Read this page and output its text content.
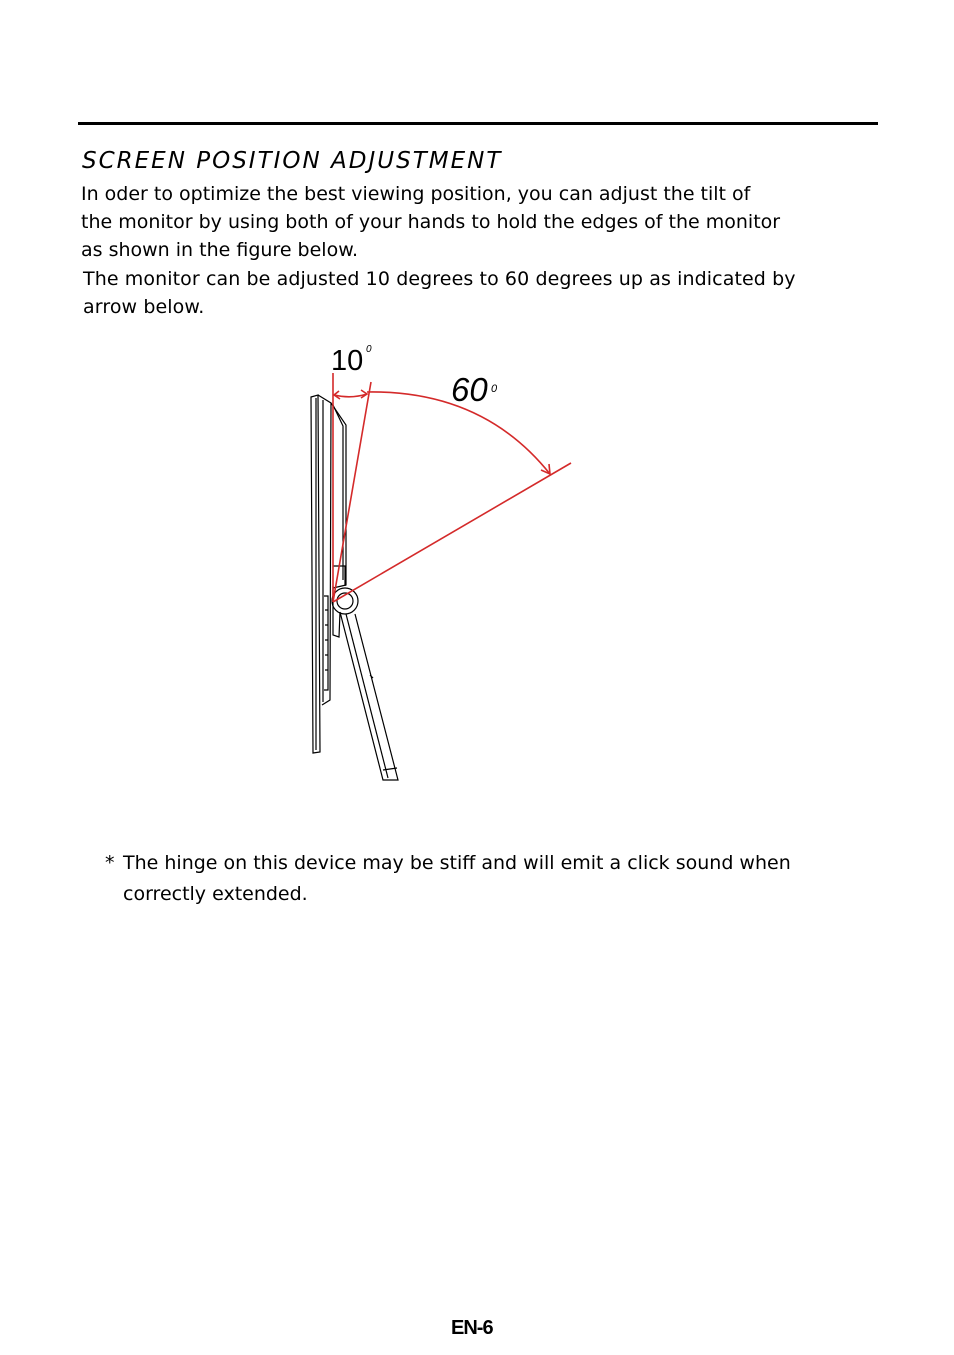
SCREEN POSITION ADJUSTMENT
In oder to optimize the best viewing position, you can adjust the tilt of
the monitor by using both of your hands to hold the edges of the monitor
as shown in the figure below.
The monitor can be adjusted 10 degrees to 60 degrees up as indicated by
arrow below.
10 0
60 0
* The hinge on this device may be stiff and will emit a click sound when
correctly extended.
EN-6
